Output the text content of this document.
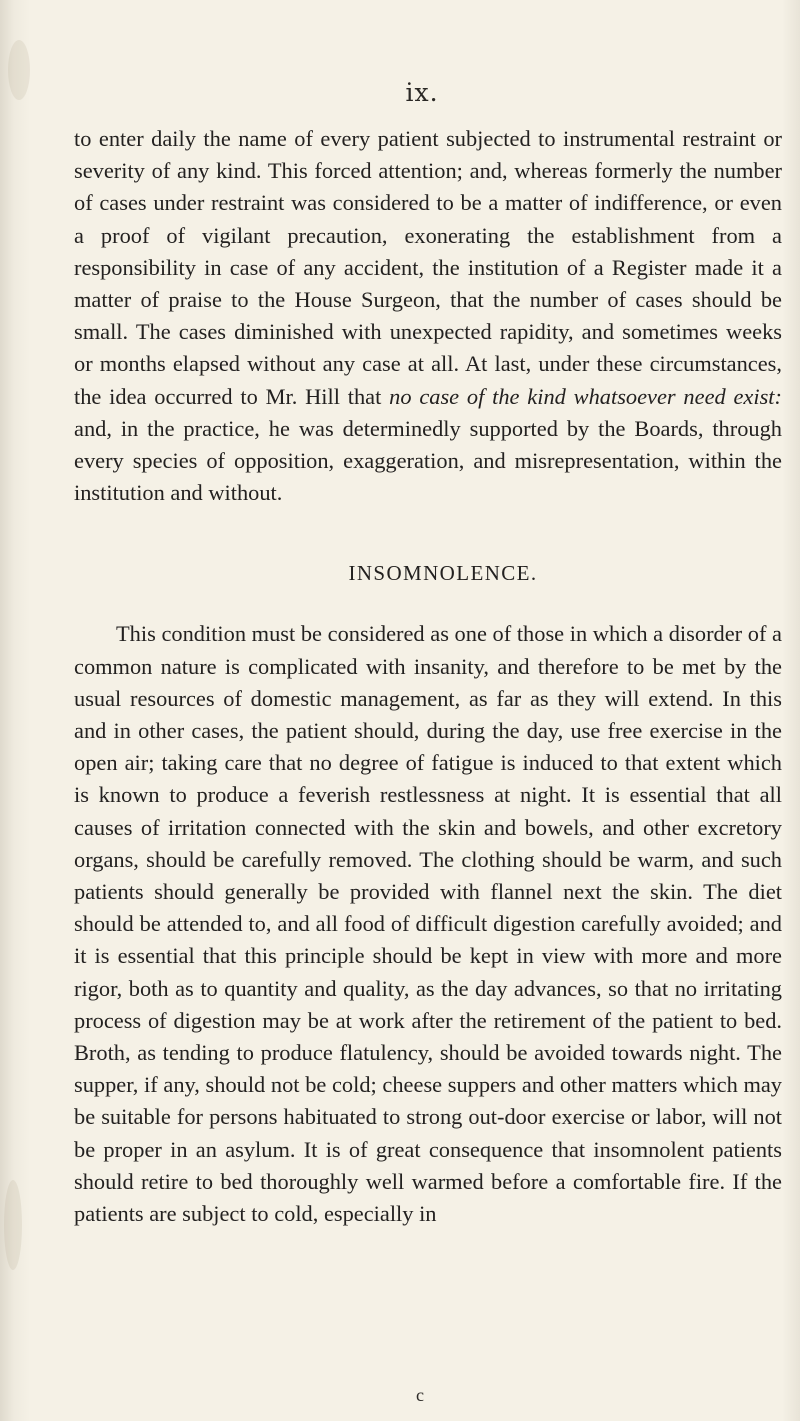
ix.

to enter daily the name of every patient subjected to instrumental restraint or severity of any kind. This forced attention; and, whereas formerly the number of cases under restraint was considered to be a matter of indifference, or even a proof of vigilant precaution, exonerating the establishment from a responsibility in case of any accident, the institution of a Register made it a matter of praise to the House Surgeon, that the number of cases should be small. The cases diminished with unexpected rapidity, and sometimes weeks or months elapsed without any case at all. At last, under these circumstances, the idea occurred to Mr. Hill that no case of the kind whatsoever need exist: and, in the practice, he was determinedly supported by the Boards, through every species of opposition, exaggeration, and misrepresentation, within the institution and without.

INSOMNOLENCE.

This condition must be considered as one of those in which a disorder of a common nature is complicated with insanity, and therefore to be met by the usual resources of domestic management, as far as they will extend. In this and in other cases, the patient should, during the day, use free exercise in the open air; taking care that no degree of fatigue is induced to that extent which is known to produce a feverish restlessness at night. It is essential that all causes of irritation connected with the skin and bowels, and other excretory organs, should be carefully removed. The clothing should be warm, and such patients should generally be provided with flannel next the skin. The diet should be attended to, and all food of difficult digestion carefully avoided; and it is essential that this principle should be kept in view with more and more rigor, both as to quantity and quality, as the day advances, so that no irritating process of digestion may be at work after the retirement of the patient to bed. Broth, as tending to produce flatulency, should be avoided towards night. The supper, if any, should not be cold; cheese suppers and other matters which may be suitable for persons habituated to strong out-door exercise or labor, will not be proper in an asylum. It is of great consequence that insomnolent patients should retire to bed thoroughly well warmed before a comfortable fire. If the patients are subject to cold, especially in

c
